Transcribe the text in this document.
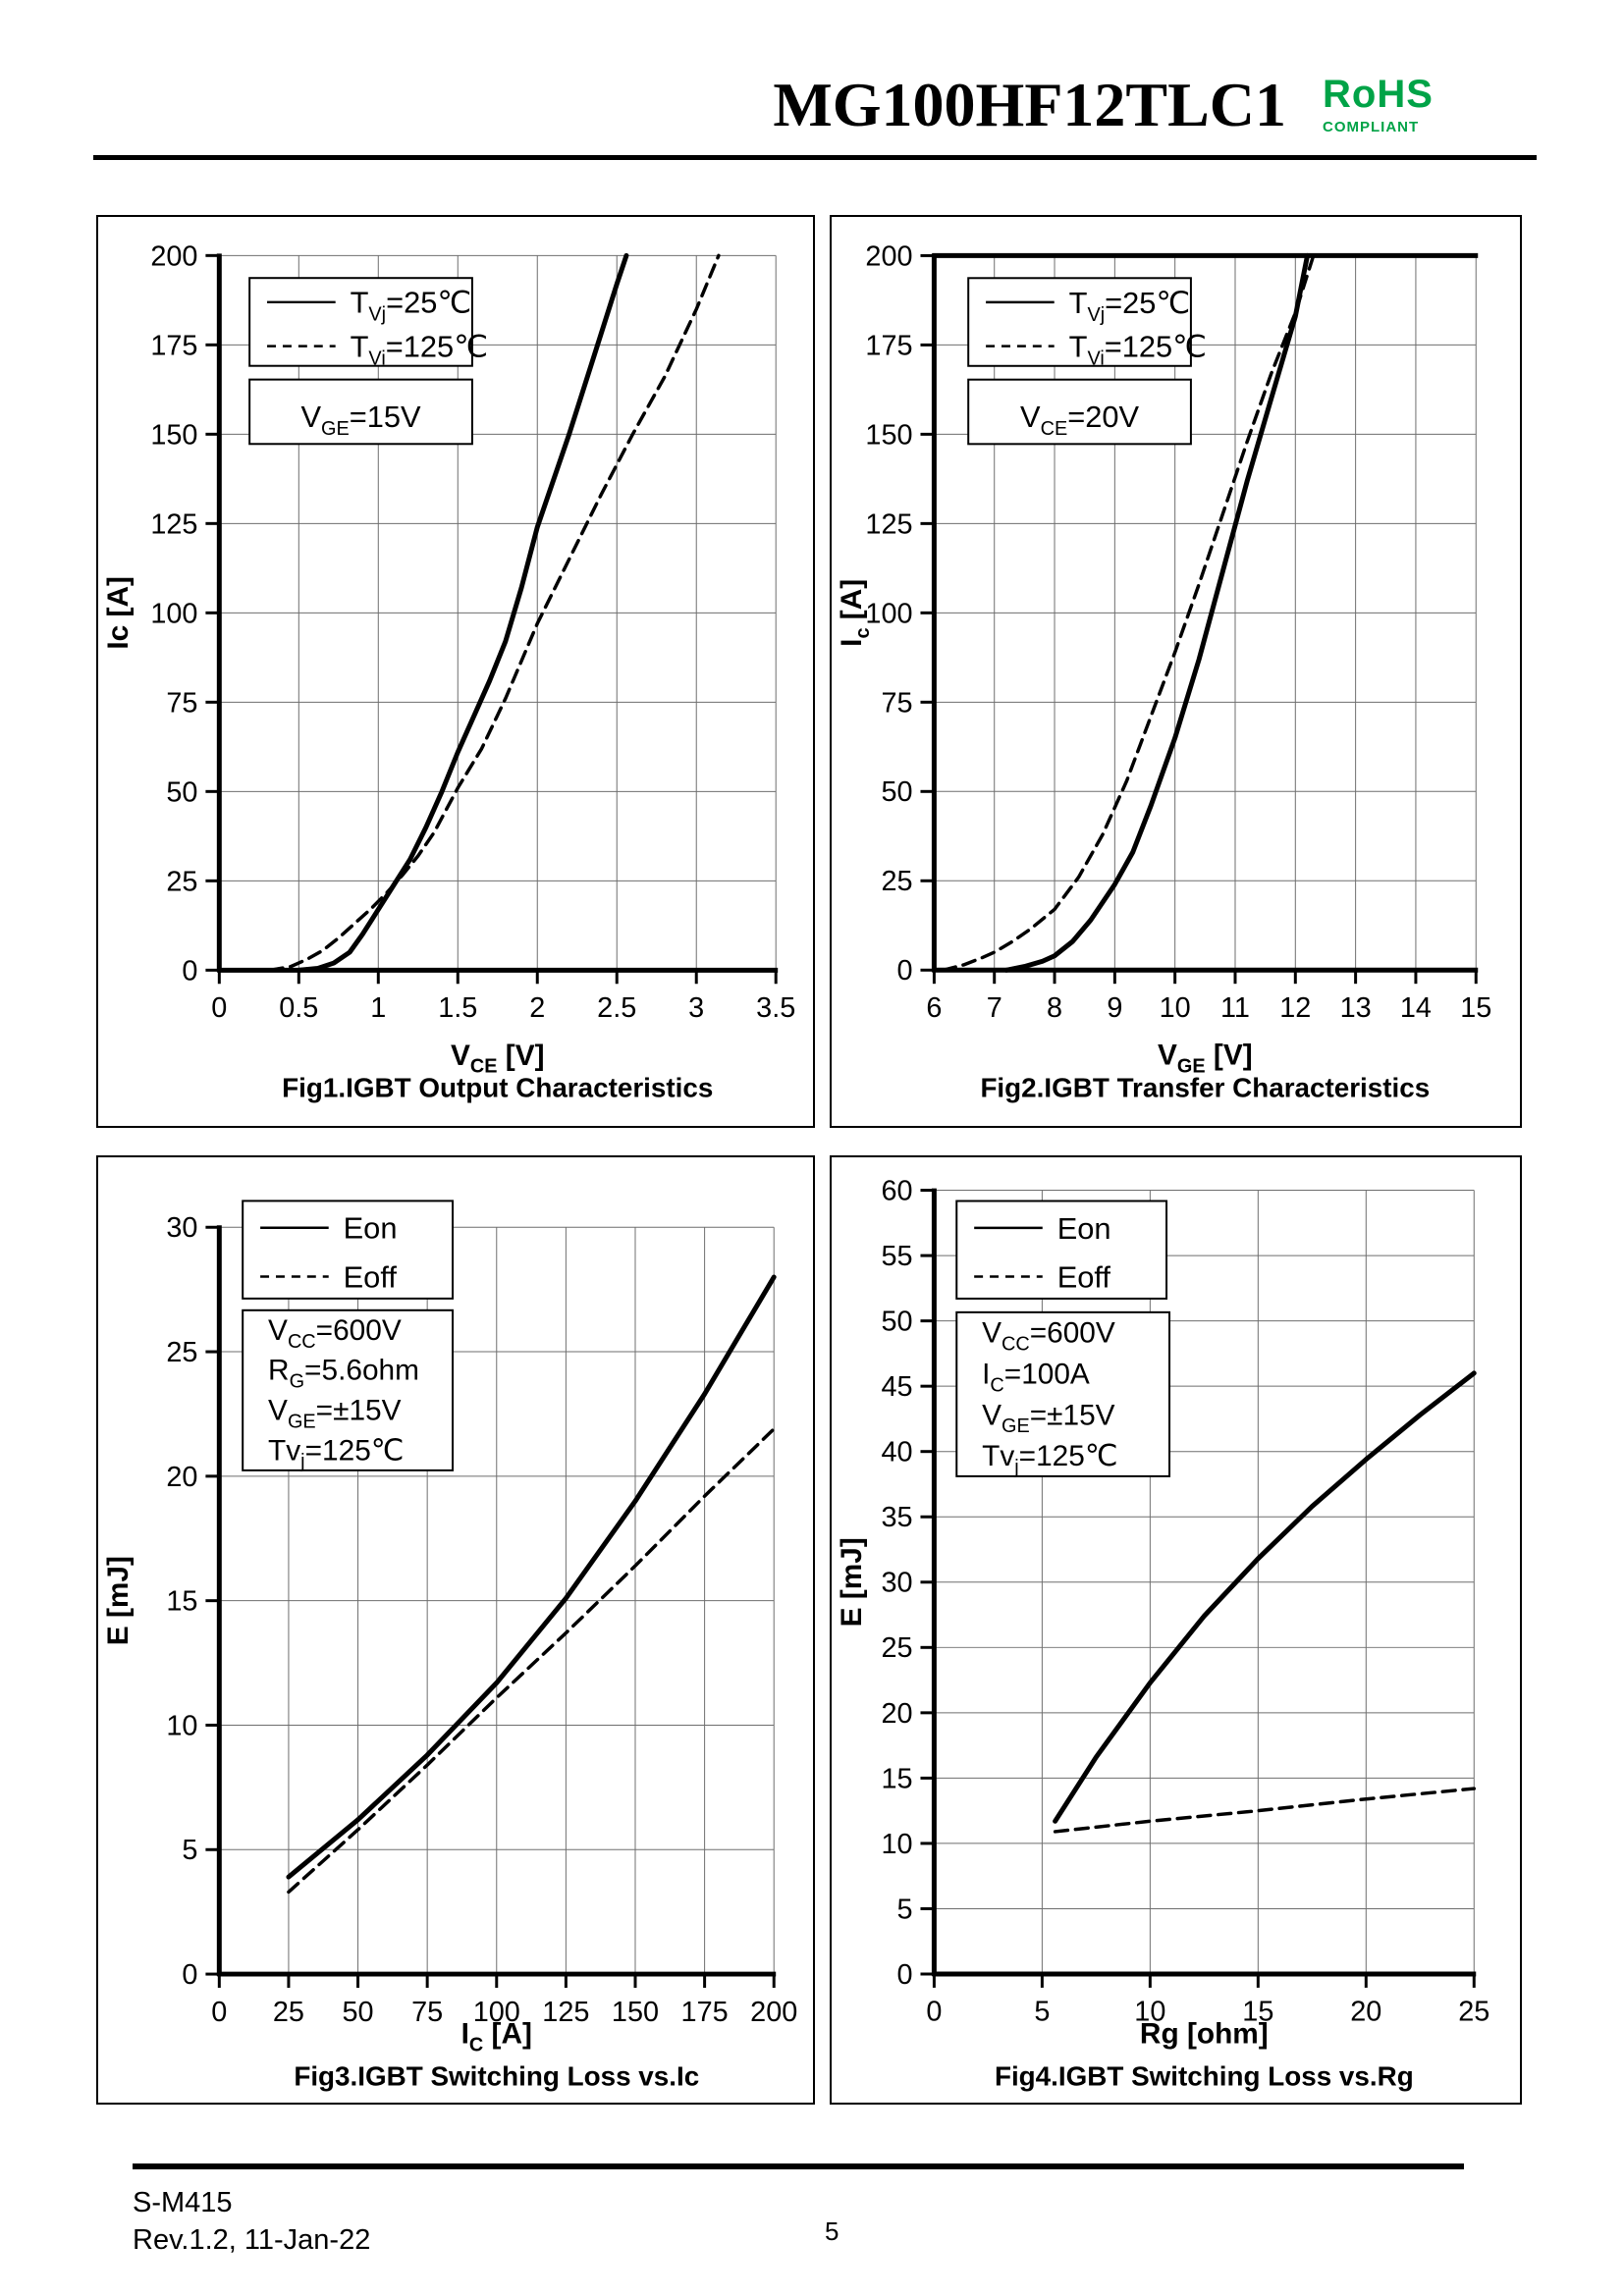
MG100HF12TLC1 RoHS
COMPLIANT
0
25
50
75
100
125
150
175
200
0 0.5 1 1.5 2 2.5 3 3.5
$T_{Vj}=25℃$
$T_{Vi}=125℃$
$V_{GE}=15V$
Ic [A]
$V_{CE}$ [V]
Fig1.IGBT Output Characteristics
0
25
50
75
100
125
150
175
200
6 7 8 9 10 11 12 13 14 15
$T_{Vj}=25℃$
$T_{Vi}=125℃$
$V_{CE}=20V$
$I_c$ [A]
$V_{GE}$ [V]
Fig2.IGBT Transfer Characteristics
0
5
10
15
20
25
30
0 25 50 75 100 125 150 175 200
Eon
Eoff
$V_{CC}=600V$
$R_G=5.6ohm$
$V_{GE}=\pm 15V$
$Tv_j=125℃$
E [mJ]
$I_C$ [A]
Fig3.IGBT Switching Loss vs.Ic
0
5
10
15
20
25
30
35
40
45
50
55
60
0	5	10	15	20	25
Eon
Eoff
$V_{CC}=600V$
$I_C=100A$
$V_{GE}=\pm 15V$
$Tv_j=125℃$
E [mJ]
Rg [ohm]
Fig4.IGBT Switching Loss vs.Rg
S-M415
Rev.1.2, 11-Jan-22	5
